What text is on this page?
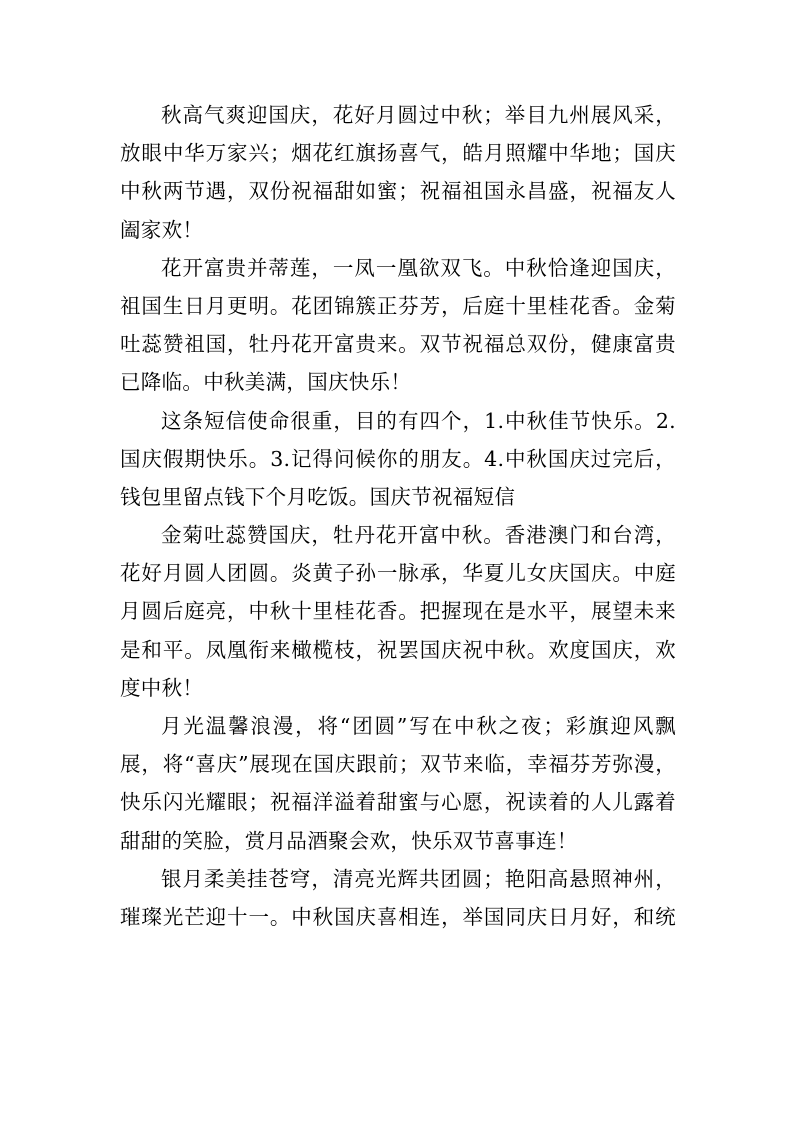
秋高气爽迎国庆，花好月圆过中秋；举目九州展风采，
放眼中华万家兴；烟花红旗扬喜气，皓月照耀中华地；国庆
中秋两节遇，双份祝福甜如蜜；祝福祖国永昌盛，祝福友人
阖家欢！
花开富贵并蒂莲，一凤一凰欲双飞。中秋恰逢迎国庆，
祖国生日月更明。花团锦簇正芬芳，后庭十里桂花香。金菊
吐蕊赞祖国，牡丹花开富贵来。双节祝福总双份，健康富贵
已降临。中秋美满，国庆快乐！
这条短信使命很重，目的有四个，1.中秋佳节快乐。2.
国庆假期快乐。3.记得问候你的朋友。4.中秋国庆过完后，
钱包里留点钱下个月吃饭。国庆节祝福短信
金菊吐蕊赞国庆，牡丹花开富中秋。香港澳门和台湾，
花好月圆人团圆。炎黄子孙一脉承，华夏儿女庆国庆。中庭
月圆后庭亮，中秋十里桂花香。把握现在是水平，展望未来
是和平。凤凰衔来橄榄枝，祝罢国庆祝中秋。欢度国庆，欢
度中秋！
月光温馨浪漫，将“团圆”写在中秋之夜；彩旗迎风飘
展，将“喜庆”展现在国庆跟前；双节来临，幸福芬芳弥漫，
快乐闪光耀眼；祝福洋溢着甜蜜与心愿，祝读着的人儿露着
甜甜的笑脸，赏月品酒聚会欢，快乐双节喜事连！
银月柔美挂苍穹，清亮光辉共团圆；艳阳高悬照神州，
璀璨光芒迎十一。中秋国庆喜相连，举国同庆日月好，和统
